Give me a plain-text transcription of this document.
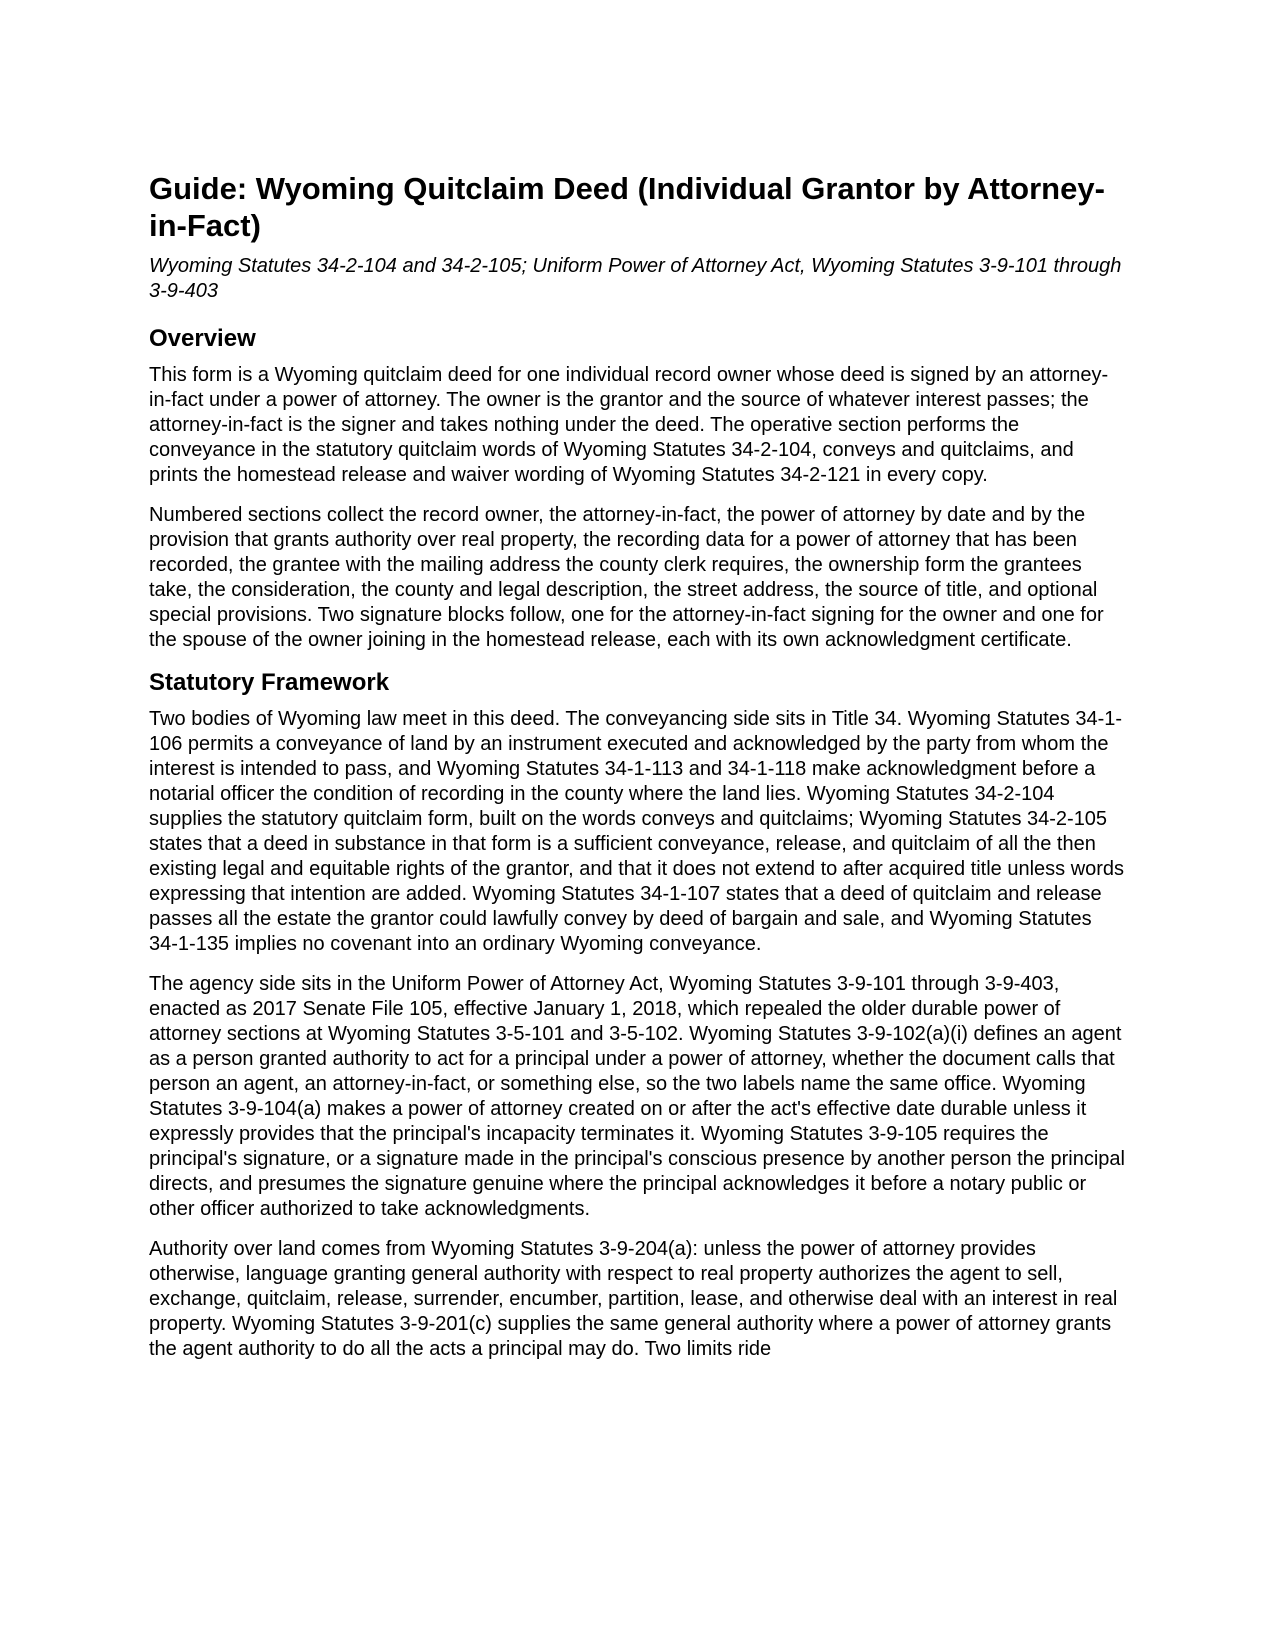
Guide: Wyoming Quitclaim Deed (Individual Grantor by Attorney-in-Fact)

Wyoming Statutes 34-2-104 and 34-2-105; Uniform Power of Attorney Act, Wyoming Statutes 3-9-101 through 3-9-403

Overview

This form is a Wyoming quitclaim deed for one individual record owner whose deed is signed by an attorney-in-fact under a power of attorney. The owner is the grantor and the source of whatever interest passes; the attorney-in-fact is the signer and takes nothing under the deed. The operative section performs the conveyance in the statutory quitclaim words of Wyoming Statutes 34-2-104, conveys and quitclaims, and prints the homestead release and waiver wording of Wyoming Statutes 34-2-121 in every copy.

Numbered sections collect the record owner, the attorney-in-fact, the power of attorney by date and by the provision that grants authority over real property, the recording data for a power of attorney that has been recorded, the grantee with the mailing address the county clerk requires, the ownership form the grantees take, the consideration, the county and legal description, the street address, the source of title, and optional special provisions. Two signature blocks follow, one for the attorney-in-fact signing for the owner and one for the spouse of the owner joining in the homestead release, each with its own acknowledgment certificate.

Statutory Framework

Two bodies of Wyoming law meet in this deed. The conveyancing side sits in Title 34. Wyoming Statutes 34-1-106 permits a conveyance of land by an instrument executed and acknowledged by the party from whom the interest is intended to pass, and Wyoming Statutes 34-1-113 and 34-1-118 make acknowledgment before a notarial officer the condition of recording in the county where the land lies. Wyoming Statutes 34-2-104 supplies the statutory quitclaim form, built on the words conveys and quitclaims; Wyoming Statutes 34-2-105 states that a deed in substance in that form is a sufficient conveyance, release, and quitclaim of all the then existing legal and equitable rights of the grantor, and that it does not extend to after acquired title unless words expressing that intention are added. Wyoming Statutes 34-1-107 states that a deed of quitclaim and release passes all the estate the grantor could lawfully convey by deed of bargain and sale, and Wyoming Statutes 34-1-135 implies no covenant into an ordinary Wyoming conveyance.

The agency side sits in the Uniform Power of Attorney Act, Wyoming Statutes 3-9-101 through 3-9-403, enacted as 2017 Senate File 105, effective January 1, 2018, which repealed the older durable power of attorney sections at Wyoming Statutes 3-5-101 and 3-5-102. Wyoming Statutes 3-9-102(a)(i) defines an agent as a person granted authority to act for a principal under a power of attorney, whether the document calls that person an agent, an attorney-in-fact, or something else, so the two labels name the same office. Wyoming Statutes 3-9-104(a) makes a power of attorney created on or after the act's effective date durable unless it expressly provides that the principal's incapacity terminates it. Wyoming Statutes 3-9-105 requires the principal's signature, or a signature made in the principal's conscious presence by another person the principal directs, and presumes the signature genuine where the principal acknowledges it before a notary public or other officer authorized to take acknowledgments.

Authority over land comes from Wyoming Statutes 3-9-204(a): unless the power of attorney provides otherwise, language granting general authority with respect to real property authorizes the agent to sell, exchange, quitclaim, release, surrender, encumber, partition, lease, and otherwise deal with an interest in real property. Wyoming Statutes 3-9-201(c) supplies the same general authority where a power of attorney grants the agent authority to do all the acts a principal may do. Two limits ride
